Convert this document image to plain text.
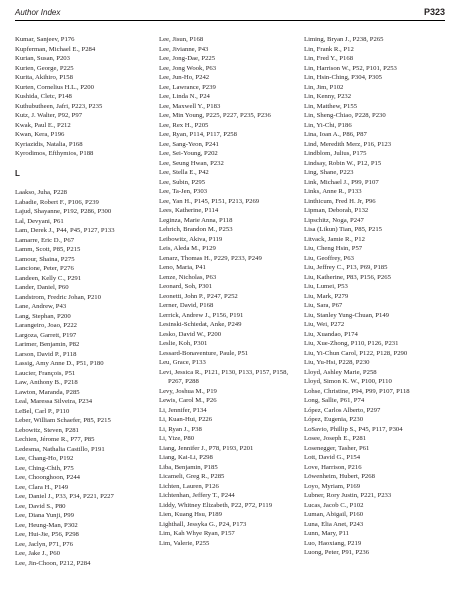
Author Index	P323
Kumar, Sanjeev, P176
Kupferman, Michael E., P284
Kurian, Susan, P203
Kurien, George, P225
Kurita, Akihiro, P158
Kurten, Cornelius H.L., P200
Kushida, Cletc, P148
Kuthubutheen, Jafri, P223, P235
Kutz, J. Walter, P92, P97
Kwak, Paul E., P212
Kwan, Kera, P196
Kyriazidis, Natalia, P168
Kyrodimos, Efthymios, P188
L
Laakso, Juha, P228
Labadie, Robert F., P106, P239
Lajud, Shayanne, P192, P286, P300
Lal, Devyani, P61
Lam, Derek J., P44, P45, P127, P133
Lamarre, Eric D., P67
Lamm, Scott, P85, P215
Lamour, Shaina, P275
Lancione, Peter, P276
Landeen, Kelly C., P291
Lander, Daniel, P60
Landstrom, Fredric Johan, P210
Lane, Andrew, P43
Lang, Stephan, P200
Larangeiro, Joao, P222
Largoza, Garrett, P197
Larimer, Benjamin, P82
Larson, David P., P118
Lassig, Amy Anne D., P51, P180
Laucier, François, P51
Law, Anthony B., P218
Lawton, Maranda, P285
Leal, Maressa Silveira, P234
LeBel, Carl P., P110
Leber, William Schaefer, P85, P215
Lebowitz, Steven, P281
Lechien, Jérome R., P77, P85
Ledesma, Nathalia Castillo, P191
Lee, Chang-Ho, P192
Lee, Ching-Chih, P75
Lee, Choonghoon, P244
Lee, Clara H., P149
Lee, Daniel J., P33, P34, P221, P227
Lee, David S., P80
Lee, Diana Yunji, P99
Lee, Heung-Man, P302
Lee, Hui-Jie, P56, P298
Lee, Jaclyn, P71, P76
Lee, Jake J., P60
Lee, Jin-Choon, P212, P284
Lee, Jisun, P168
Lee, Jivianne, P43
Lee, Jong-Dae, P225
Lee, Jong Wook, P63
Lee, Jun-Ho, P242
Lee, Lawrance, P239
Lee, Linda N., P24
Lee, Maxwell Y., P183
Lee, Min Young, P225, P227, P235, P236
Lee, Rex H., P205
Lee, Ryan, P114, P117, P258
Lee, Sang-Yeon, P241
Lee, Sei-Young, P202
Lee, Seung Hwan, P232
Lee, Stella E., P42
Lee, Subin, P295
Lee, Ta-Jen, P303
Lee, Yan H., P145, P151, P213, P269
Lees, Katherine, P114
Leginza, Marie Anna, P118
Lehrich, Brandon M., P253
Leibowitz, Akiva, P119
Leis, Aleda M., P129
Lenarz, Thomas H., P229, P233, P249
Leno, Maria, P41
Lenze, Nicholas, P63
Leonard, Soh, P301
Leonetti, John P., P247, P252
Lerner, David, P168
Lerrick, Andrew J., P156, P191
Lesinski-Schiedat, Anke, P249
Lesko, David W., P200
Leslie, Koh, P301
Lessard-Bonaventure, Paule, P51
Leu, Grace, P133
Levi, Jessica R., P121, P130, P133, P157, P158, P267, P288
Levy, Joshua M., P19
Lewis, Carol M., P26
Li, Jennifer, P134
Li, Kuan-Hui, P226
Li, Ryan J., P38
Li, Yize, P80
Liang, Jennifer J., P78, P193, P201
Liang, Kai-Li, P298
Liba, Benjamin, P185
Licameli, Greg R., P285
Lichten, Lauren, P126
Lichtenhan, Jeffery T., P244
Liddy, Whitney Elizabeth, P22, P72, P119
Lien, Kuang Hsu, P189
Lighthall, Jessyka G., P24, P173
Lim, Kah Whye Ryan, P157
Lim, Valerie, P255
Liming, Bryan J., P238, P265
Lin, Frank R., P12
Lin, Fred Y., P168
Lin, Harrison W., P52, P101, P253
Lin, Hsin-Ching, P304, P305
Lin, Jim, P102
Lin, Kenny, P232
Lin, Matthew, P155
Lin, Sheng-Chiao, P228, P230
Lin, Yi-Chi, P186
Lina, Ioan A., P86, P87
Lind, Meredith Merz, P16, P123
Lindblom, Julius, P175
Lindsay, Robin W., P12, P15
Ling, Shane, P223
Link, Michael J., P99, P107
Links, Anne R., P133
Linthicum, Fred H. Jr, P96
Lipman, Deborah, P132
Lipschitz, Noga, P247
Lisa (Likun) Tian, P85, P215
Litvack, Jamie R., P12
Liu, Cheng Hsin, P57
Liu, Geoffrey, P63
Liu, Jeffrey C., P13, P69, P185
Liu, Katherine, P83, P156, P265
Liu, Lumei, P53
Liu, Mark, P279
Liu, Sara, P67
Liu, Stanley Yung-Chuan, P149
Liu, Wei, P272
Liu, Xuandao, P174
Liu, Xue-Zhong, P110, P126, P231
Liu, Yi-Chun Carol, P122, P128, P290
Liu, Yu-Hsi, P228, P230
Lloyd, Ashley Marie, P258
Lloyd, Simon K. W., P100, P110
Lohse, Christine, P94, P99, P107, P118
Long, Sallie, P61, P74
López, Carlos Alberto, P297
López, Eugenia, P230
LoSavio, Phillip S., P45, P117, P304
Losee, Joseph E., P281
Losenegger, Tasher, P61
Lott, David G., P154
Love, Harrison, P216
Löwenheim, Hubert, P268
Loyo, Myriam, P169
Lubner, Rory Justin, P221, P233
Lucas, Jacob C., P102
Luman, Abigail, P160
Luna, Elia Anet, P243
Lunn, Mary, P11
Luo, Haoxiang, P219
Luong, Peter, P91, P236
